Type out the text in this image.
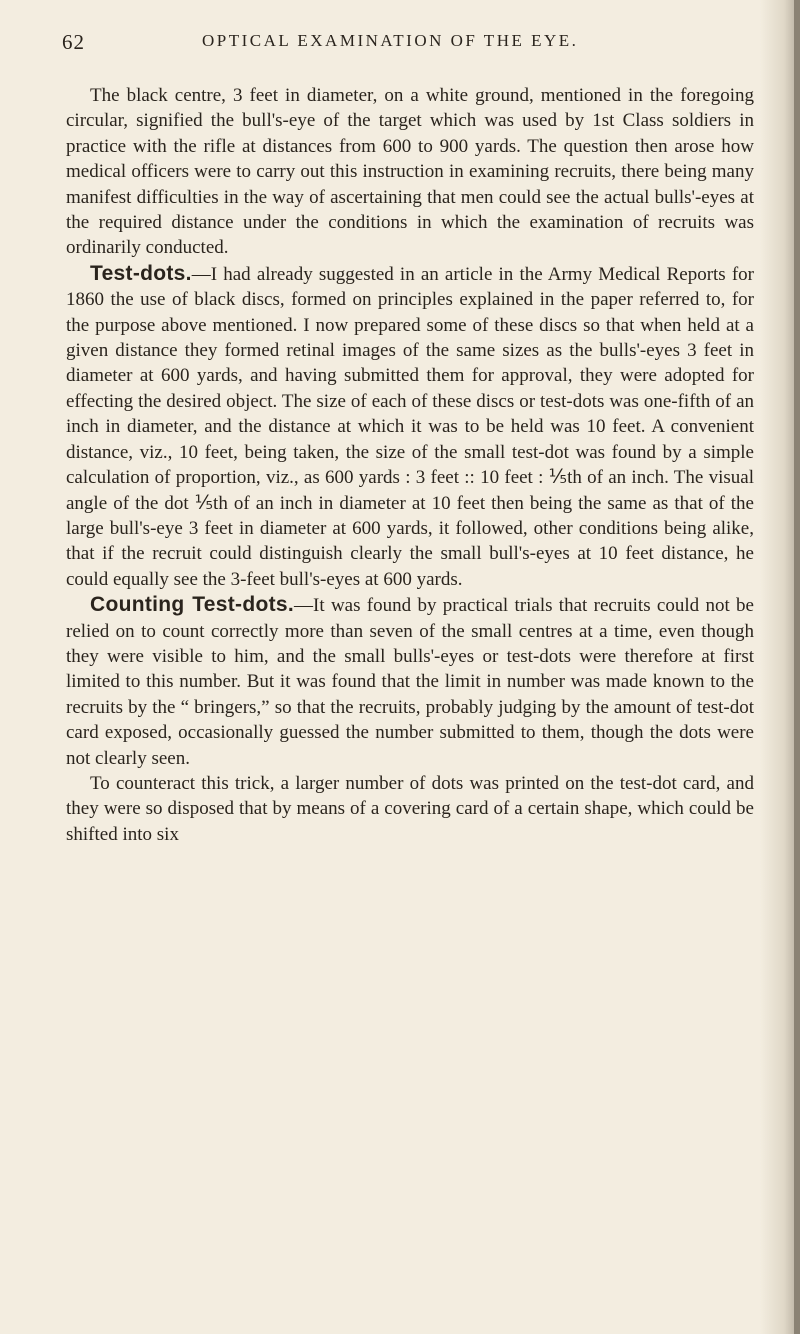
62	OPTICAL EXAMINATION OF THE EYE.

The black centre, 3 feet in diameter, on a white ground, mentioned in the foregoing circular, signified the bull's-eye of the target which was used by 1st Class soldiers in practice with the rifle at distances from 600 to 900 yards. The question then arose how medical officers were to carry out this instruction in examining recruits, there being many manifest difficulties in the way of ascertaining that men could see the actual bulls'-eyes at the required distance under the conditions in which the examination of recruits was ordinarily conducted.

Test-dots.—I had already suggested in an article in the Army Medical Reports for 1860 the use of black discs, formed on principles explained in the paper referred to, for the purpose above mentioned. I now prepared some of these discs so that when held at a given distance they formed retinal images of the same sizes as the bulls'-eyes 3 feet in diameter at 600 yards, and having submitted them for approval, they were adopted for effecting the desired object. The size of each of these discs or test-dots was one-fifth of an inch in diameter, and the distance at which it was to be held was 10 feet. A convenient distance, viz., 10 feet, being taken, the size of the small test-dot was found by a simple calculation of proportion, viz., as 600 yards : 3 feet :: 10 feet : ⅕th of an inch. The visual angle of the dot ⅕th of an inch in diameter at 10 feet then being the same as that of the large bull's-eye 3 feet in diameter at 600 yards, it followed, other conditions being alike, that if the recruit could distinguish clearly the small bull's-eyes at 10 feet distance, he could equally see the 3-feet bull's-eyes at 600 yards.

Counting Test-dots.—It was found by practical trials that recruits could not be relied on to count correctly more than seven of the small centres at a time, even though they were visible to him, and the small bulls'-eyes or test-dots were therefore at first limited to this number. But it was found that the limit in number was made known to the recruits by the “ bringers,” so that the recruits, probably judging by the amount of test-dot card exposed, occasionally guessed the number submitted to them, though the dots were not clearly seen.

To counteract this trick, a larger number of dots was printed on the test-dot card, and they were so disposed that by means of a covering card of a certain shape, which could be shifted into six
